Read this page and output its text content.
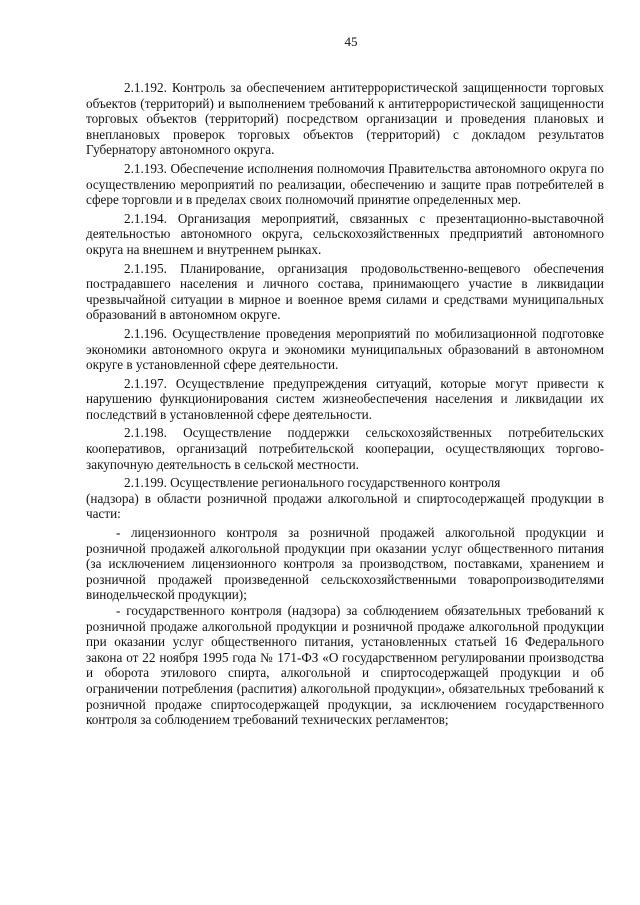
45

2.1.192. Контроль за обеспечением антитеррористической защищенности торговых объектов (территорий) и выполнением требований к антитеррористической защищенности торговых объектов (территорий) посредством организации и проведения плановых и внеплановых проверок торговых объектов (территорий) с докладом результатов Губернатору автономного округа.

2.1.193. Обеспечение исполнения полномочия Правительства автономного округа по осуществлению мероприятий по реализации, обеспечению и защите прав потребителей в сфере торговли и в пределах своих полномочий принятие определенных мер.

2.1.194. Организация мероприятий, связанных с презентационно-выставочной деятельностью автономного округа, сельскохозяйственных предприятий автономного округа на внешнем и внутреннем рынках.

2.1.195. Планирование, организация продовольственно-вещевого обеспечения пострадавшего населения и личного состава, принимающего участие в ликвидации чрезвычайной ситуации в мирное и военное время силами и средствами муниципальных образований в автономном округе.

2.1.196. Осуществление проведения мероприятий по мобилизационной подготовке экономики автономного округа и экономики муниципальных образований в автономном округе в установленной сфере деятельности.

2.1.197. Осуществление предупреждения ситуаций, которые могут привести к нарушению функционирования систем жизнеобеспечения населения и ликвидации их последствий в установленной сфере деятельности.

2.1.198. Осуществление поддержки сельскохозяйственных потребительских кооперативов, организаций потребительской кооперации, осуществляющих торгово-закупочную деятельность в сельской местности.

2.1.199. Осуществление регионального государственного контроля

(надзора) в области розничной продажи алкогольной и спиртосодержащей продукции в части:

- лицензионного контроля за розничной продажей алкогольной продукции и розничной продажей алкогольной продукции при оказании услуг общественного питания (за исключением лицензионного контроля за производством, поставками, хранением и розничной продажей произведенной сельскохозяйственными товаропроизводителями винодельческой продукции);

- государственного контроля (надзора) за соблюдением обязательных требований к розничной продаже алкогольной продукции и розничной продаже алкогольной продукции при оказании услуг общественного питания, установленных статьей 16 Федерального закона от 22 ноября 1995 года № 171-ФЗ «О государственном регулировании производства и оборота этилового спирта, алкогольной и спиртосодержащей продукции и об ограничении потребления (распития) алкогольной продукции», обязательных требований к розничной продаже спиртосодержащей продукции, за исключением государственного контроля за соблюдением требований технических регламентов;
